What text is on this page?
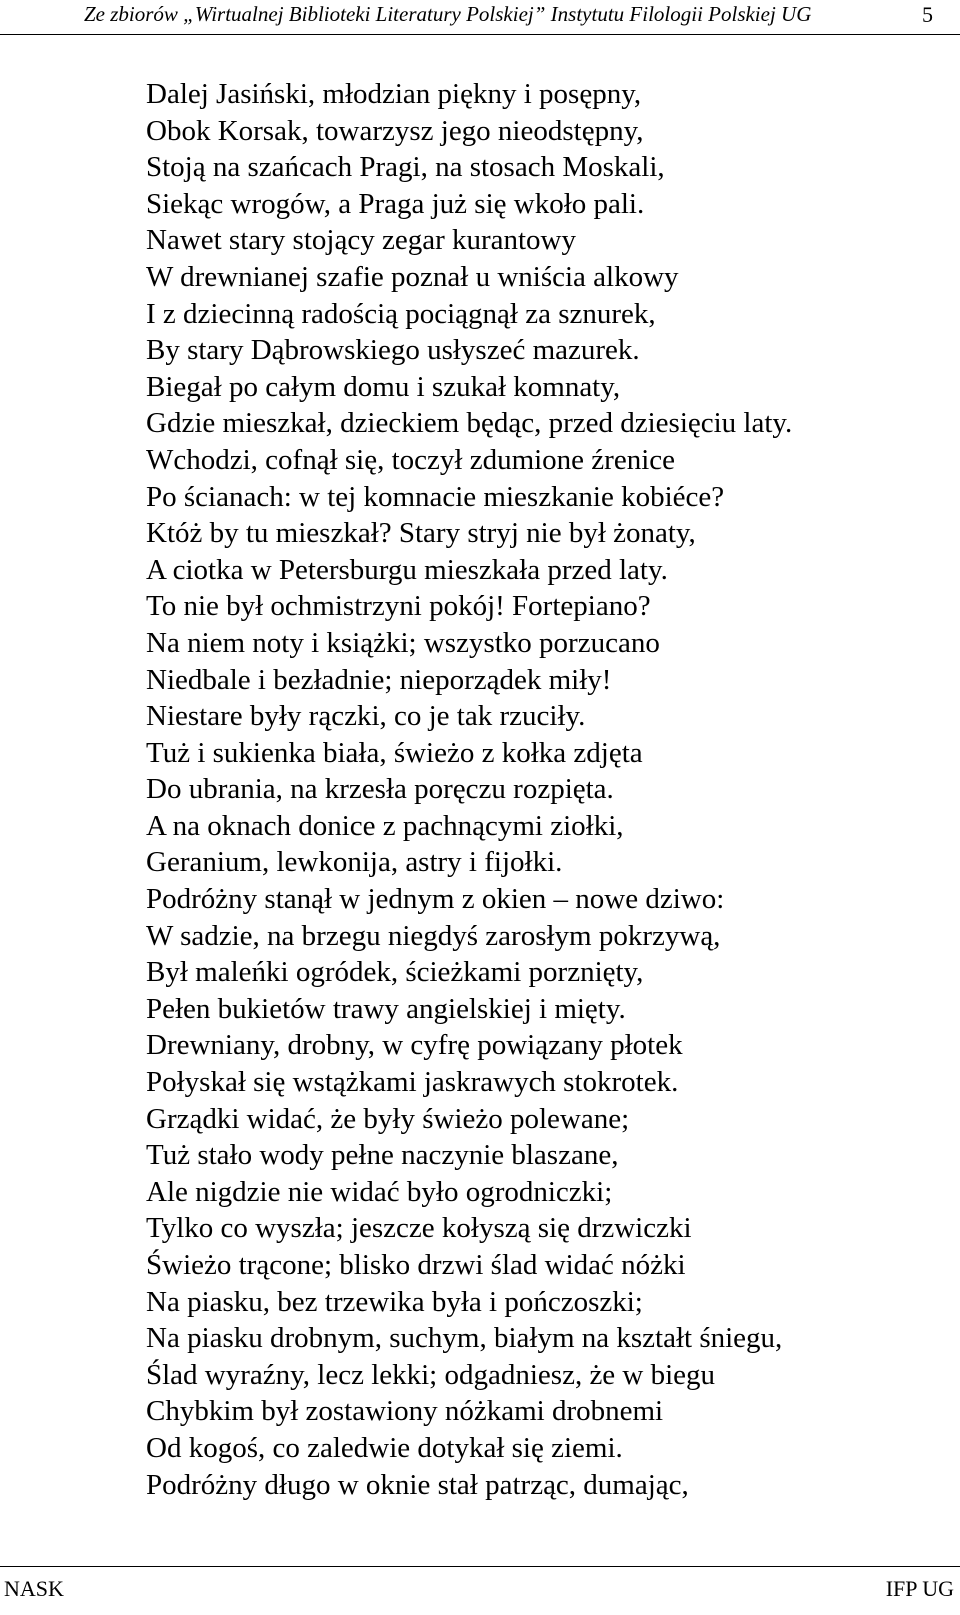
Ze zbiorów „Wirtualnej Biblioteki Literatury Polskiej” Instytutu Filologii Polskiej UG	5
Dalej Jasiński, młodzian piękny i posępny,
Obok Korsak, towarzysz jego nieodstępny,
Stoją na szańcach Pragi, na stosach Moskali,
Siekąc wrogów, a Praga już się wkoło pali.
Nawet stary stojący zegar kurantowy
W drewnianej szafie poznał u wniścia alkowy
I z dziecinną radością pociągnął za sznurek,
By stary Dąbrowskiego usłyszeć mazurek.
Biegał po całym domu i szukał komnaty,
Gdzie mieszkał, dzieckiem będąc, przed dziesięciu laty.
Wchodzi, cofnął się, toczył zdumione źrenice
Po ścianach: w tej komnacie mieszkanie kobiéce?
Któż by tu mieszkał? Stary stryj nie był żonaty,
A ciotka w Petersburgu mieszkała przed laty.
To nie był ochmistrzyni pokój! Fortepiano?
Na niem noty i książki; wszystko porzucano
Niedbale i bezładnie; nieporządek miły!
Niestare były rączki, co je tak rzuciły.
Tuż i sukienka biała, świeżo z kołka zdjęta
Do ubrania, na krzesła poręczu rozpięta.
A na oknach donice z pachnącymi ziołki,
Geranium, lewkonija, astry i fijołki.
Podróżny stanął w jednym z okien – nowe dziwo:
W sadzie, na brzegu niegdyś zarosłym pokrzywą,
Był maleńki ogródek, ścieżkami porznięty,
Pełen bukietów trawy angielskiej i mięty.
Drewniany, drobny, w cyfrę powiązany płotek
Połyskał się wstążkami jaskrawych stokrotek.
Grządki widać, że były świeżo polewane;
Tuż stało wody pełne naczynie blaszane,
Ale nigdzie nie widać było ogrodniczki;
Tylko co wyszła; jeszcze kołyszą się drzwiczki
Świeżo trącone; blisko drzwi ślad widać nóżki
Na piasku, bez trzewika była i pończoszki;
Na piasku drobnym, suchym, białym na kształt śniegu,
Ślad wyraźny, lecz lekki; odgadniesz, że w biegu
Chybkim był zostawiony nóżkami drobnemi
Od kogoś, co zaledwie dotykał się ziemi.
Podróżny długo w oknie stał patrząc, dumając,
NASK	IFP UG
